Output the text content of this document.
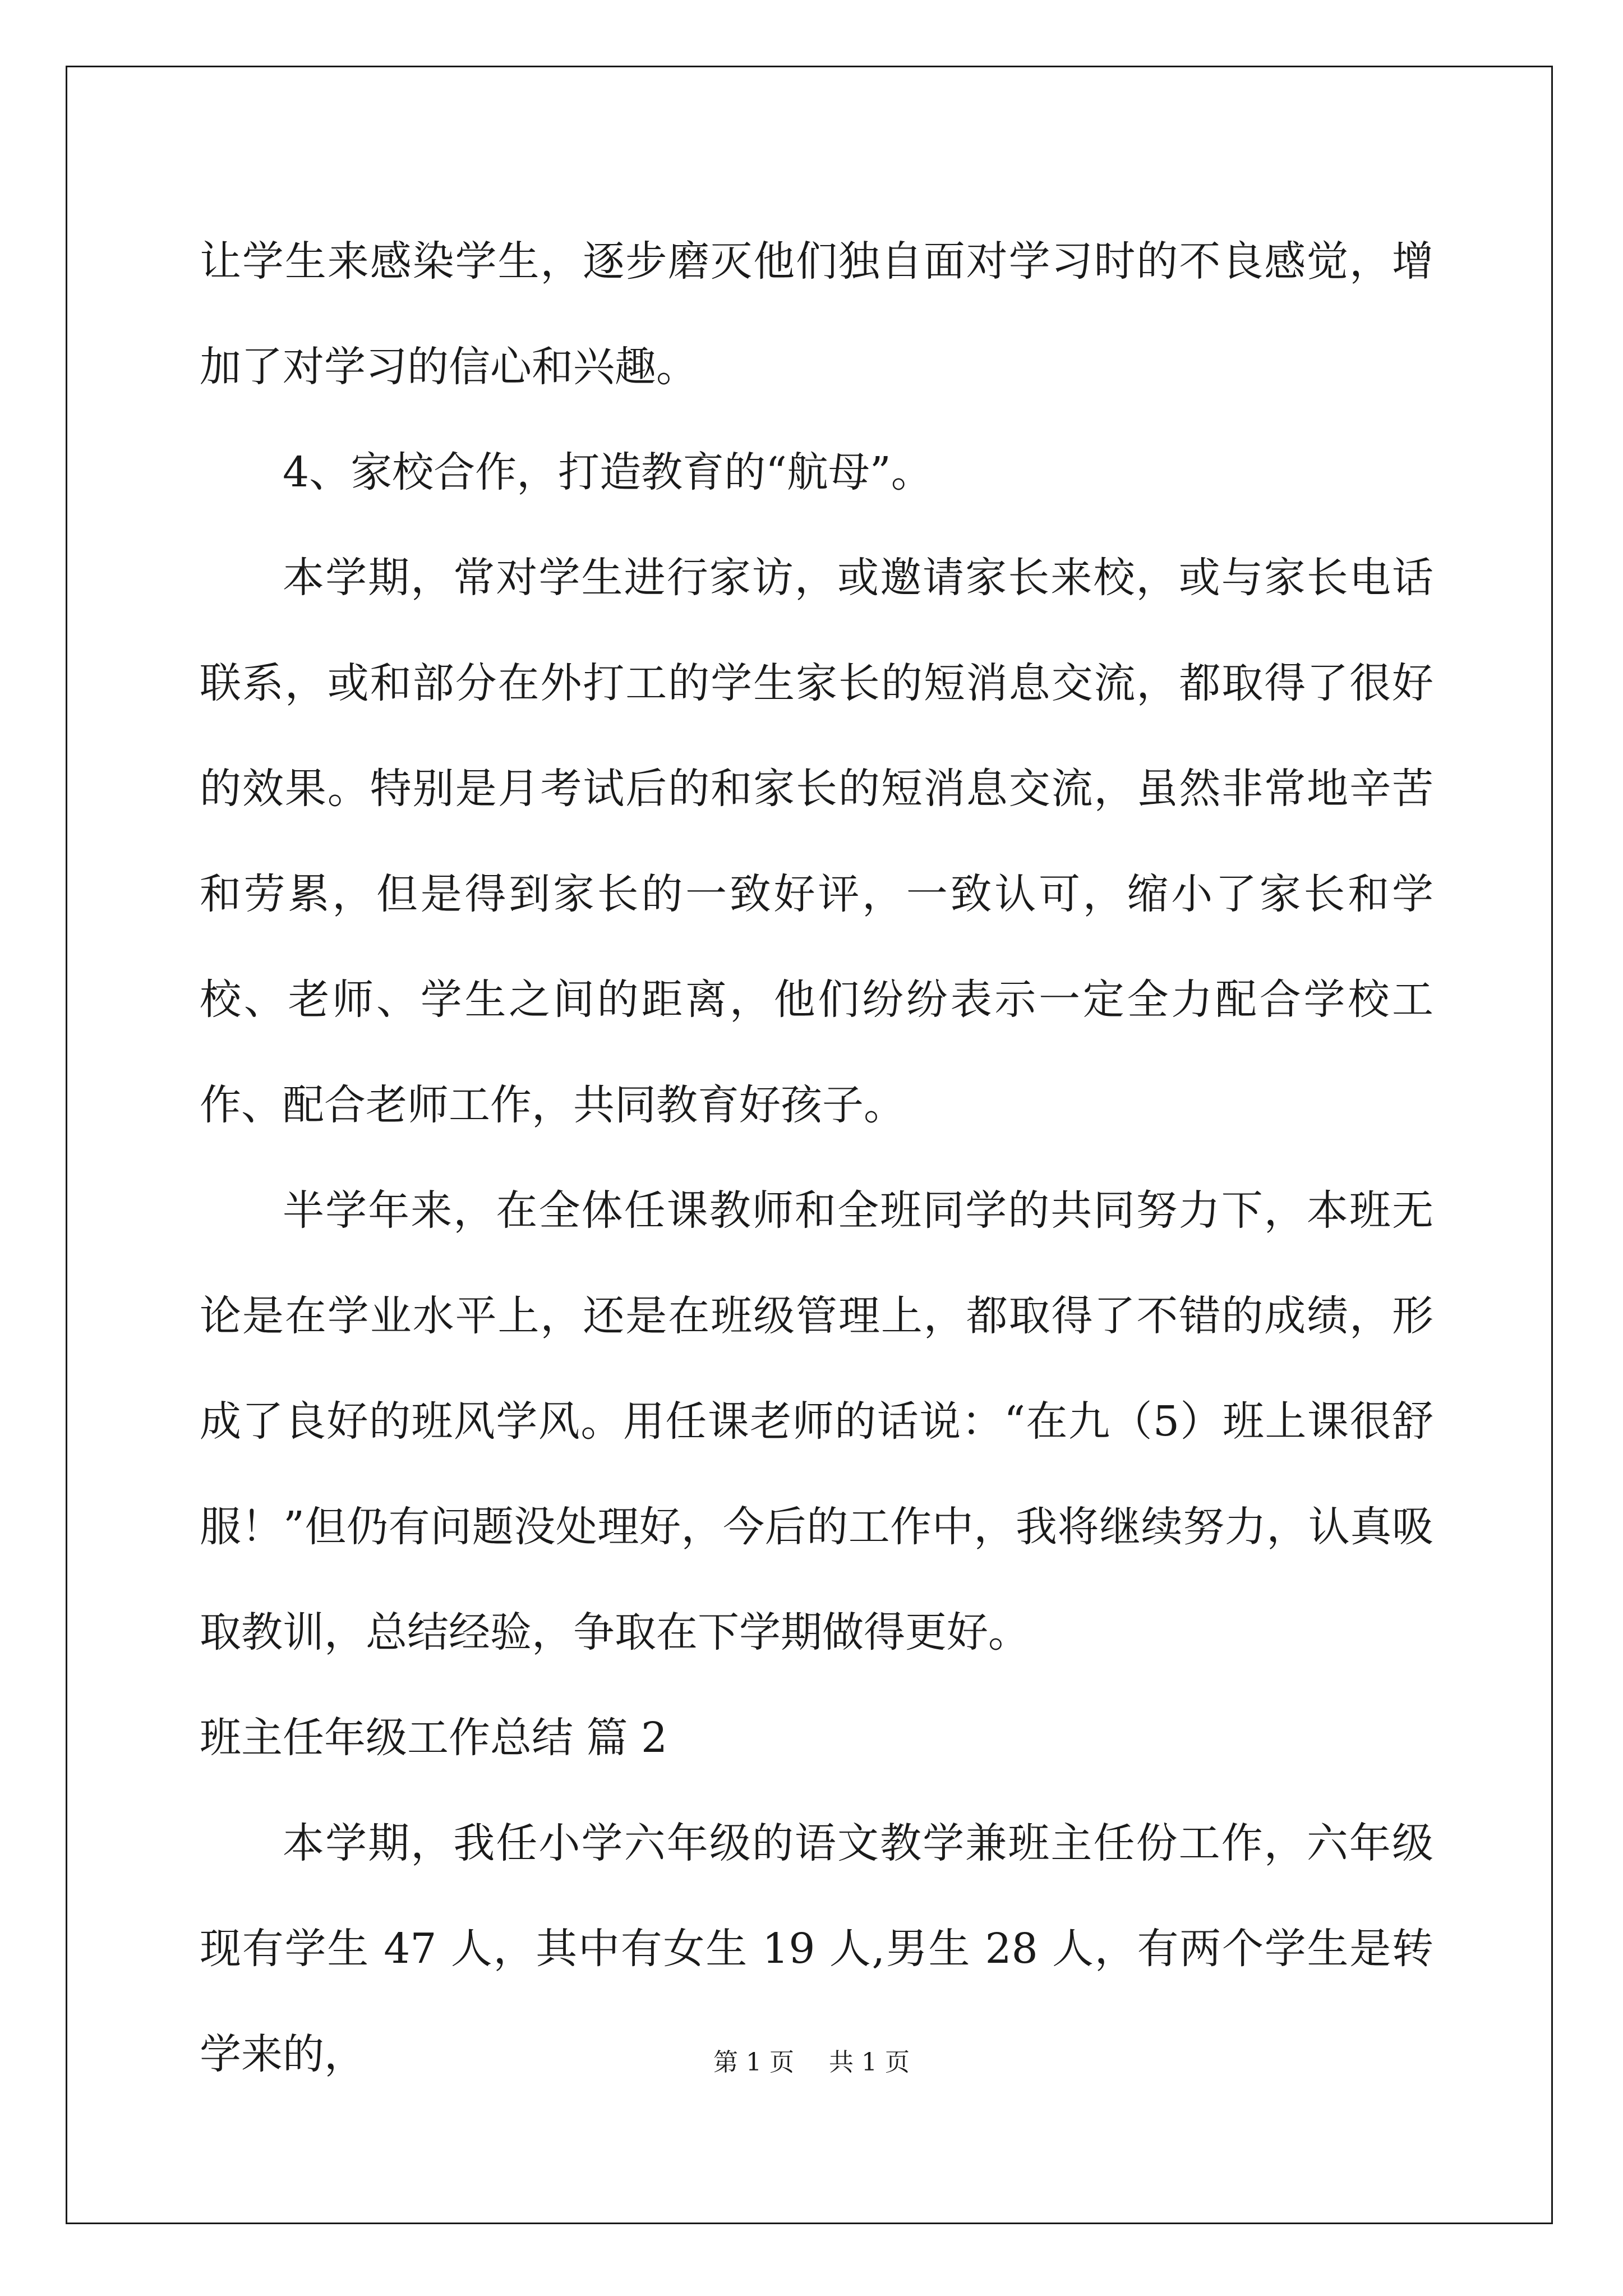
让学生来感染学生，逐步磨灭他们独自面对学习时的不良感觉，增加了对学习的信心和兴趣。

4、家校合作，打造教育的“航母”。

本学期，常对学生进行家访，或邀请家长来校，或与家长电话联系，或和部分在外打工的学生家长的短消息交流，都取得了很好的效果。特别是月考试后的和家长的短消息交流，虽然非常地辛苦和劳累，但是得到家长的一致好评，一致认可，缩小了家长和学校、老师、学生之间的距离，他们纷纷表示一定全力配合学校工作、配合老师工作，共同教育好孩子。

半学年来，在全体任课教师和全班同学的共同努力下，本班无论是在学业水平上，还是在班级管理上，都取得了不错的成绩，形成了良好的班风学风。用任课老师的话说：“在九（5）班上课很舒服！”但仍有问题没处理好，今后的工作中，我将继续努力，认真吸取教训，总结经验，争取在下学期做得更好。

班主任年级工作总结 篇 2

本学期，我任小学六年级的语文教学兼班主任份工作，六年级现有学生 47 人，其中有女生 19 人,男生 28 人，有两个学生是转学来的，	第 1 页 共 1 页
